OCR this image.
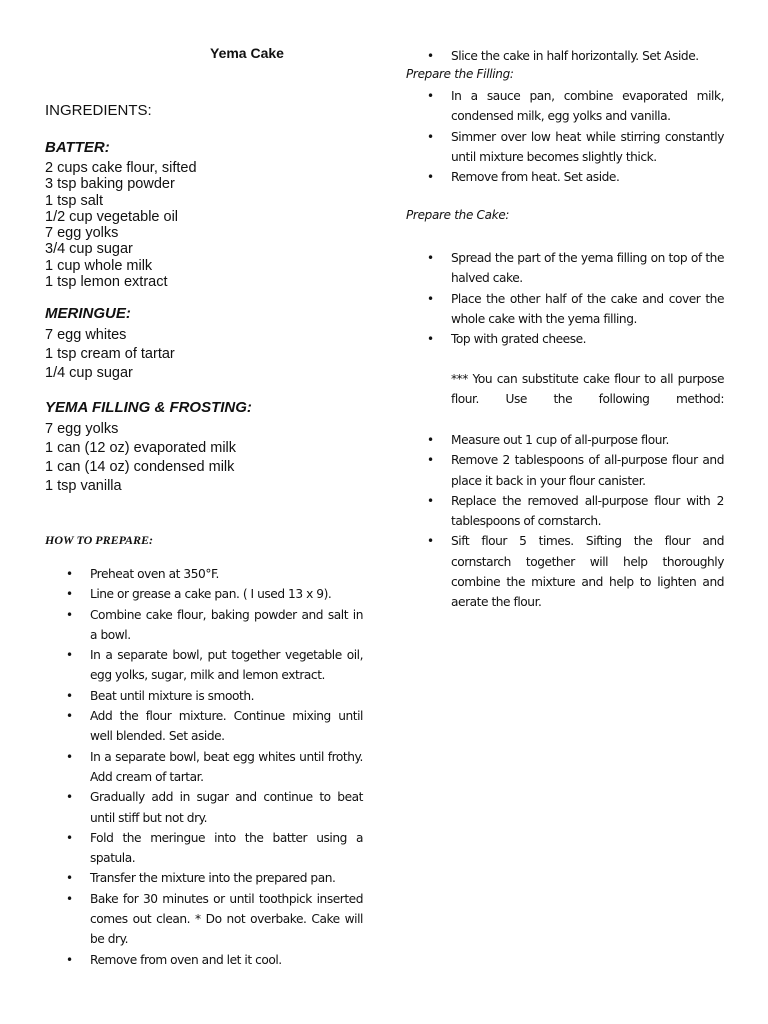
Yema Cake

INGREDIENTS:

BATTER:

2 cups cake flour, sifted
3 tsp baking powder
1 tsp salt
1/2 cup vegetable oil
7 egg yolks
3/4 cup sugar
1 cup whole milk
1 tsp lemon extract

MERINGUE:

7 egg whites
1 tsp cream of tartar
1/4 cup sugar

YEMA FILLING & FROSTING:

7 egg yolks
1 can (12 oz) evaporated milk
1 can (14 oz) condensed milk
1 tsp vanilla

HOW TO PREPARE:

• Preheat oven at 350°F.
• Line or grease a cake pan. ( I used 13 x 9).
• Combine cake flour, baking powder and salt in a bowl.
• In a separate bowl, put together vegetable oil, egg yolks, sugar, milk and lemon extract.
• Beat until mixture is smooth.
• Add the flour mixture. Continue mixing until well blended. Set aside.
• In a separate bowl, beat egg whites until frothy. Add cream of tartar.
• Gradually add in sugar and continue to beat until stiff but not dry.
• Fold the meringue into the batter using a spatula.
• Transfer the mixture into the prepared pan.
• Bake for 30 minutes or until toothpick inserted comes out clean. * Do not overbake. Cake will be dry.
• Remove from oven and let it cool.
• Slice the cake in half horizontally. Set Aside.

Prepare the Filling:

• In a sauce pan, combine evaporated milk, condensed milk, egg yolks and vanilla.
• Simmer over low heat while stirring constantly until mixture becomes slightly thick.
• Remove from heat. Set aside.

Prepare the Cake:

• Spread the part of the yema filling on top of the halved cake.
• Place the other half of the cake and cover the whole cake with the yema filling.
• Top with grated cheese.

*** You can substitute cake flour to all purpose flour. Use the following method:

• Measure out 1 cup of all-purpose flour.
• Remove 2 tablespoons of all-purpose flour and place it back in your flour canister.
• Replace the removed all-purpose flour with 2 tablespoons of cornstarch.
• Sift flour 5 times. Sifting the flour and cornstarch together will help thoroughly combine the mixture and help to lighten and aerate the flour.
